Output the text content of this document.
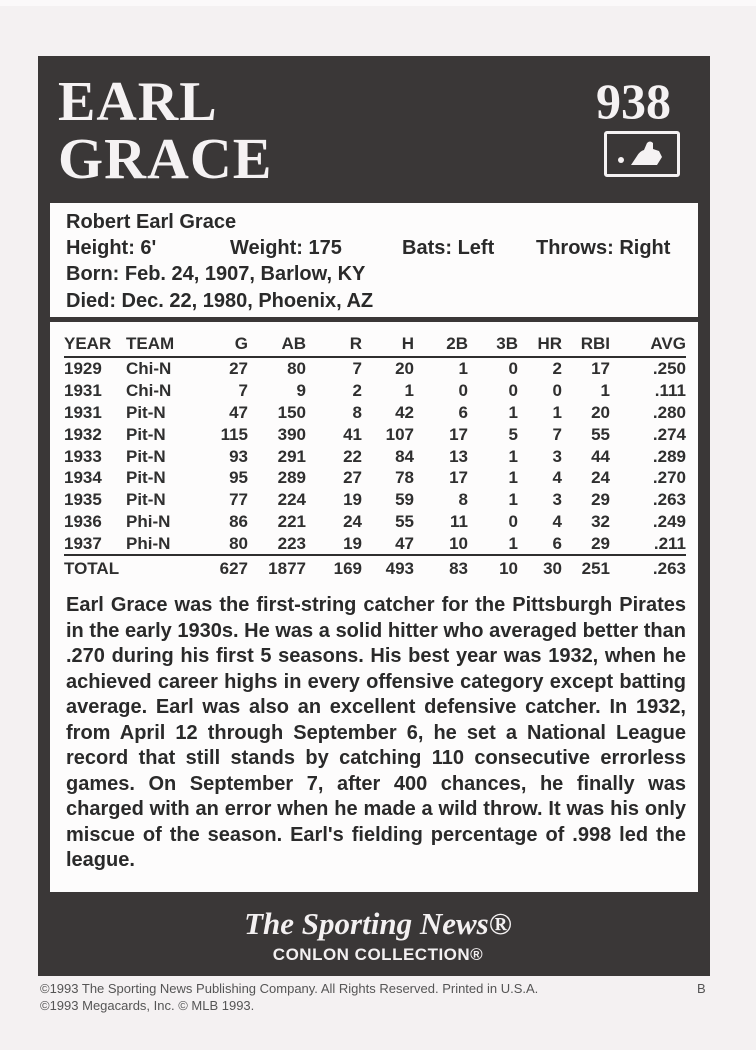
EARL
GRACE
938
Robert Earl Grace
Height: 6'	Weight: 175	Bats: Left Throws: Right
Born: Feb. 24, 1907, Barlow, KY
Died: Dec. 22, 1980, Phoenix, AZ
YEAR	TEAM	G	AB	R	H	2B	3B	HR	RBI	AVG
1929	Chi-N	27	80	7	20	1	0	2	17	.250
1931	Chi-N	7	9	2	1	0	0	0	1	.111
1931	Pit-N	47	150	8	42	6	1	1	20	.280
1932	Pit-N	115	390	41	107	17	5	7	55	.274
1933	Pit-N	93	291	22	84	13	1	3	44	.289
1934	Pit-N	95	289	27	78	17	1	4	24	.270
1935	Pit-N	77	224	19	59	8	1	3	29	.263
1936	Phi-N	86	221	24	55	11	0	4	32	.249
1937	Phi-N	80	223	19	47	10	1	6	29	.211
TOTAL		627	1877	169	493	83	10	30	251	.263

Earl Grace was the first-string catcher for the Pittsburgh Pirates in the early 1930s. He was a solid hitter who averaged better than .270 during his first 5 seasons. His best year was 1932, when he achieved career highs in every offensive category except batting average. Earl was also an excellent defensive catcher. In 1932, from April 12 through September 6, he set a National League record that still stands by catching 110 consecutive errorless games. On September 7, after 400 chances, he finally was charged with an error when he made a wild throw. It was his only miscue of the season. Earl's fielding percentage of .998 led the league.

The Sporting News®
CONLON COLLECTION®
©1993 The Sporting News Publishing Company. All Rights Reserved. Printed in U.S.A.
©1993 Megacards, Inc. © MLB 1993.
B
